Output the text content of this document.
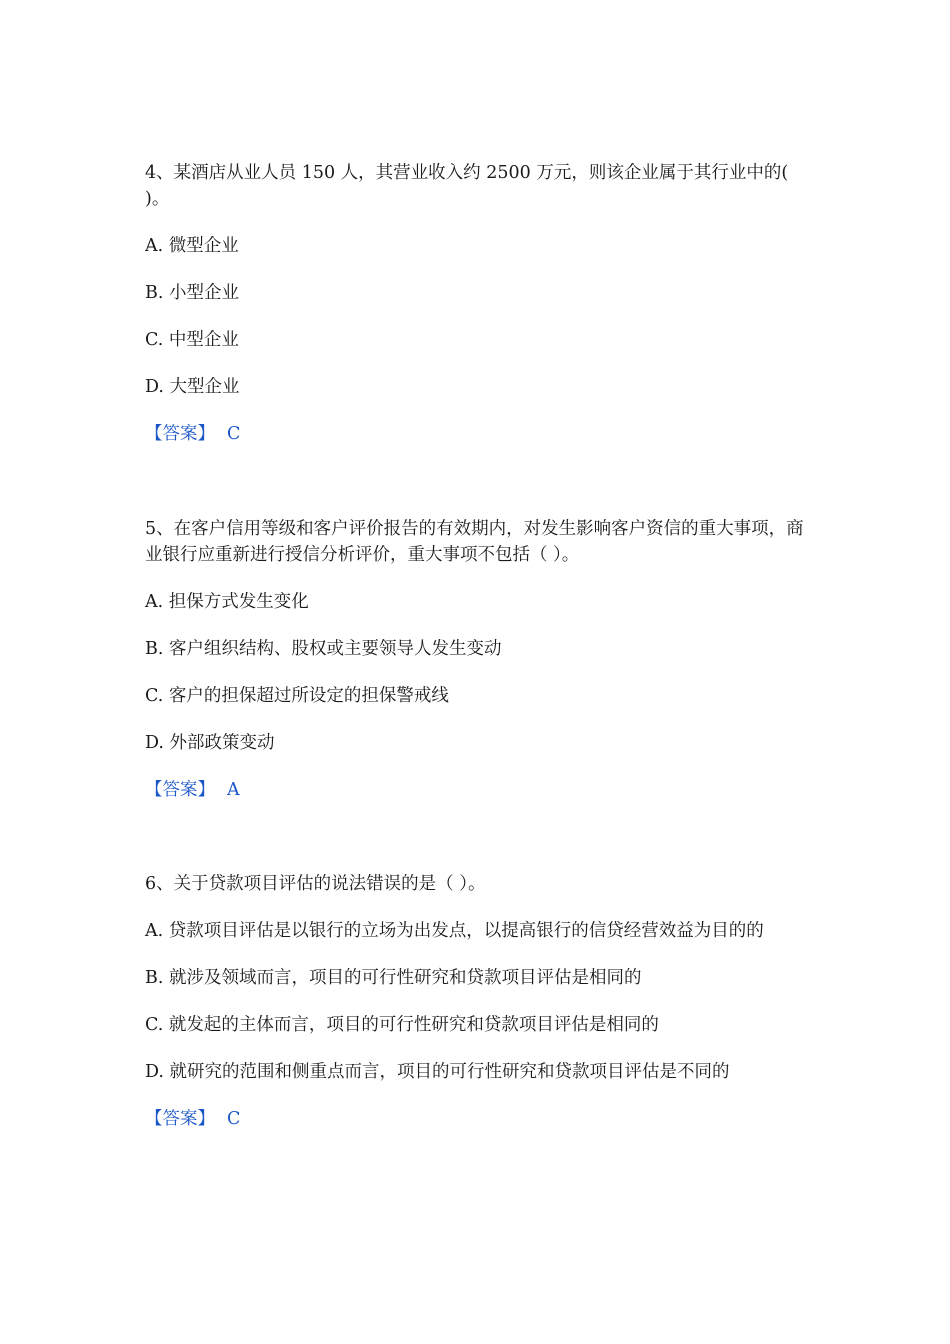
4、某酒店从业人员 150 人，其营业收入约 2500 万元，则该企业属于其行业中的( )。

A. 微型企业

B. 小型企业

C. 中型企业

D. 大型企业

【答案】 C

5、在客户信用等级和客户评价报告的有效期内，对发生影响客户资信的重大事项，商业银行应重新进行授信分析评价，重大事项不包括（ ）。

A. 担保方式发生变化

B. 客户组织结构、股权或主要领导人发生变动

C. 客户的担保超过所设定的担保警戒线

D. 外部政策变动

【答案】 A

6、关于贷款项目评估的说法错误的是（ ）。

A. 贷款项目评估是以银行的立场为出发点，以提高银行的信贷经营效益为目的的

B. 就涉及领域而言，项目的可行性研究和贷款项目评估是相同的

C. 就发起的主体而言，项目的可行性研究和贷款项目评估是相同的

D. 就研究的范围和侧重点而言，项目的可行性研究和贷款项目评估是不同的

【答案】 C
